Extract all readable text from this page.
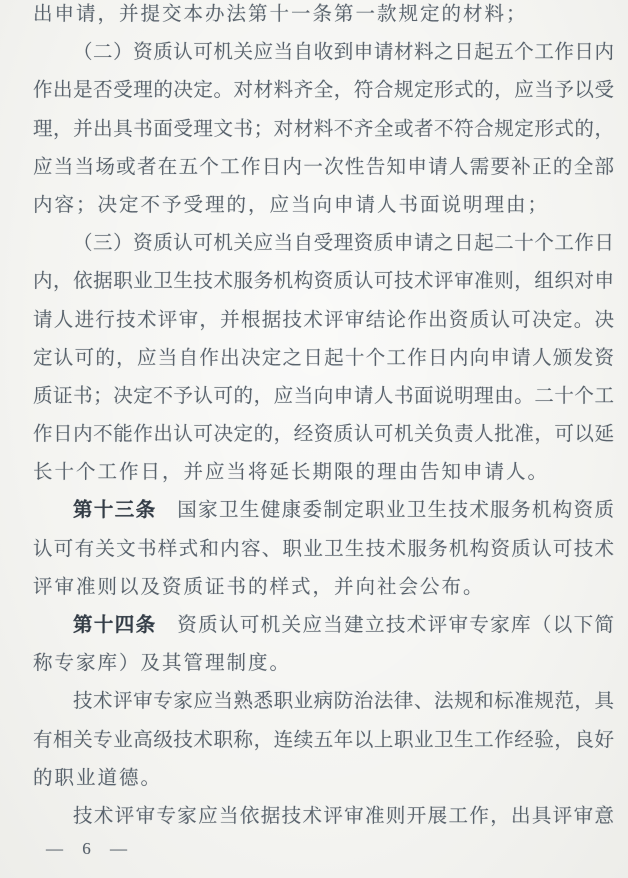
出申请，并提交本办法第十一条第一款规定的材料；
（二）资质认可机关应当自收到申请材料之日起五个工作日内
作出是否受理的决定。对材料齐全，符合规定形式的，应当予以受
理，并出具书面受理文书；对材料不齐全或者不符合规定形式的，
应当当场或者在五个工作日内一次性告知申请人需要补正的全部
内容；决定不予受理的，应当向申请人书面说明理由；
（三）资质认可机关应当自受理资质申请之日起二十个工作日
内，依据职业卫生技术服务机构资质认可技术评审准则，组织对申
请人进行技术评审，并根据技术评审结论作出资质认可决定。决
定认可的，应当自作出决定之日起十个工作日内向申请人颁发资
质证书；决定不予认可的，应当向申请人书面说明理由。二十个工
作日内不能作出认可决定的，经资质认可机关负责人批准，可以延
长十个工作日，并应当将延长期限的理由告知申请人。
第十三条　国家卫生健康委制定职业卫生技术服务机构资质
认可有关文书样式和内容、职业卫生技术服务机构资质认可技术
评审准则以及资质证书的样式，并向社会公布。
第十四条　资质认可机关应当建立技术评审专家库（以下简
称专家库）及其管理制度。
技术评审专家应当熟悉职业病防治法律、法规和标准规范，具
有相关专业高级技术职称，连续五年以上职业卫生工作经验，良好
的职业道德。
技术评审专家应当依据技术评审准则开展工作，出具评审意
— 6 —
